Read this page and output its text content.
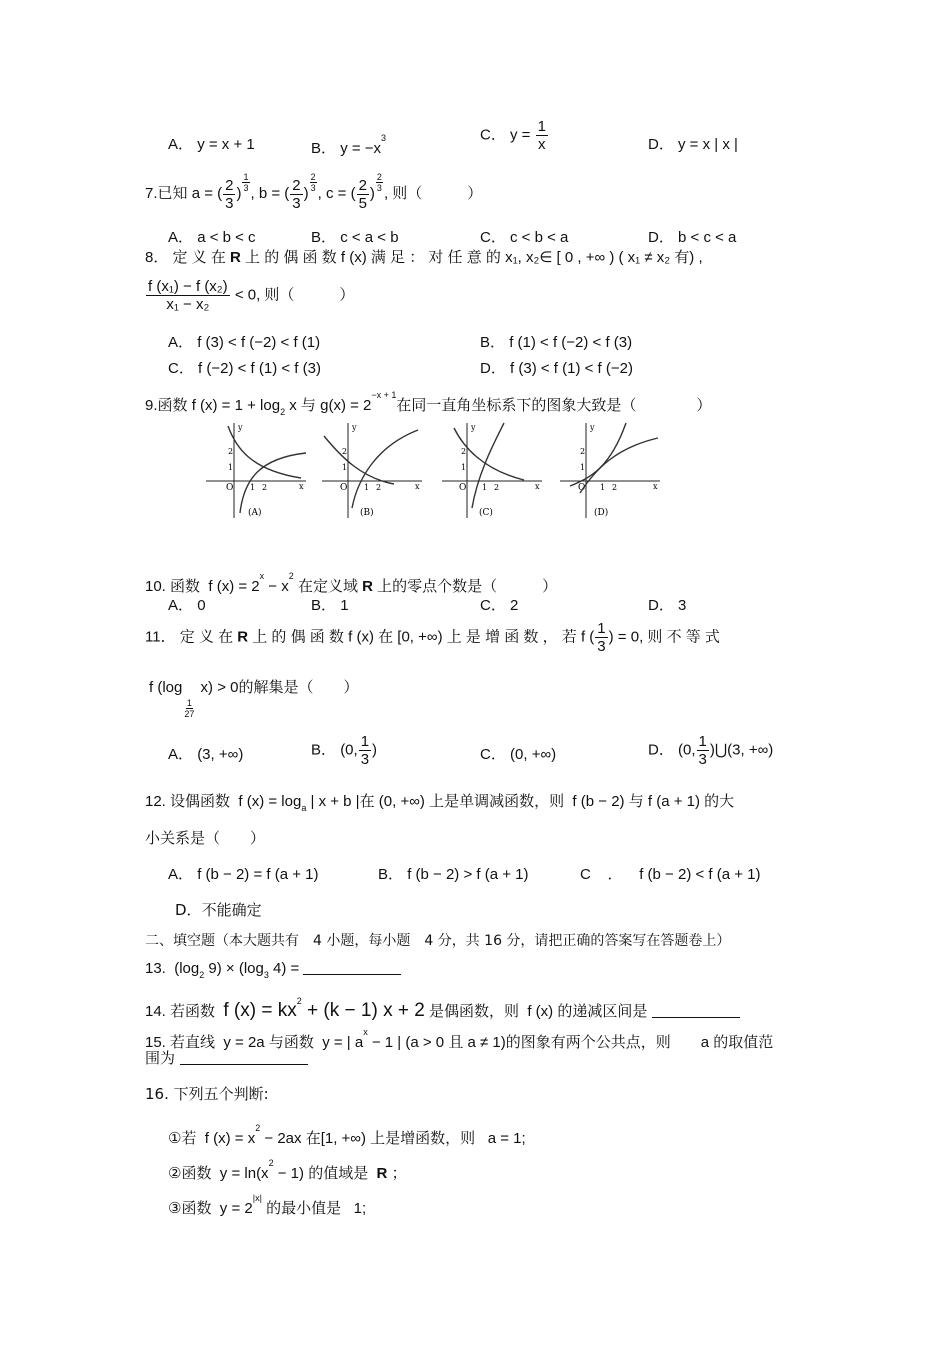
A． y = x + 1	B． $y = -x^3$	C． $y = \frac{1}{x}$	D． y = x | x |
7.已知 a = ( $\frac{2}{3}$ )
$\frac{1}{3}$
, b = ( $\frac{2}{3}$ )
$\frac{2}{3}$
, c = ( $\frac{2}{5}$ )
$\frac{2}{3}$
, 则（　　　）
A． a < b < c	B． c < a < b	C． c < b < a	D． b < c < a
8． 定 义 在 R 上 的 偶 函 数 f (x) 满 足 ： 对 任 意 的 x₁, x₂∈ [ 0 , +∞ ) ( x₁ ≠ x₂ 有) ,
$\frac{\text{f (x₁) − f (x₂)}}{\text{x₁ − x₂}} < 0$, 则（　　　）
A． f (3) < f (−2) < f (1)	B． f (1) < f (−2) < f (3)
C． f (−2) < f (1) < f (3)	D． f (3) < f (1) < f (−2)
9.函数 f $(x) = 1 + \log_2 x$ 与 $g(x) = 2^{-x + 1}$在同一直角坐标系下的图象大致是（　　　　）
y
x
O 1 2
1
2
(A)
y
x
O 1 2
1
2
(B)
y
x
O 1 2
1
2
(C)
y
x
O 1 2
1
2
(D)
10. 函数 f $(x) = 2^x - x^2$ 在定义域 R 上的零点个数是（　　　）
A． 0	B． 1	C． 2	D． 3
11． 定 义 在 R 上 的 偶 函 数 f (x) 在 [0, +∞) 上 是 增 函 数 ， 若 f ( $\frac{1}{3}$ ) = 0, 则 不 等 式
f (log
$\frac{1}{27}$
x) > 0的解集是（　　）
A． (3, +∞)	B． (0, $\frac{1}{3}$ )	C． (0, +∞)	D． (0, $\frac{1}{3}$ )⋃(3, +∞)
12. 设偶函数 f $(x) = \log_a$ | x + b |在 (0, +∞) 上是单调减函数，则 f (b − 2) 与 f (a + 1) 的大
小关系是（　　）
A． f (b − 2) = f (a + 1)	B． f (b − 2) > f (a + 1)	C ． f (b − 2) < f (a + 1)
D．不能确定
二、填空题（本大题共有　4 小题，每小题　4 分，共 16 分，请把正确的答案写在答题卷上）
13. ($\log_2$ $9) \times (\log_3$ 4) =
14. 若函数 f $(x) = kx^2 + (k - 1) x + 2$ 是偶函数，则 f (x) 的递减区间是
15. 若直线 y = 2a 与函数 y = | $a^x - 1$ | (a > 0 且 a ≠ 1)的图象有两个公共点，则　　a 的取值范
围为
16. 下列五个判断:
①若 f $(x) = x^2 - 2ax$ 在[1, +∞) 上是增函数，则 a = 1;
②函数 $y = \ln(x^2 - 1)$ 的值域是 R ；
③函数 $y = 2^{|x|}$ 的最小值是 1;
